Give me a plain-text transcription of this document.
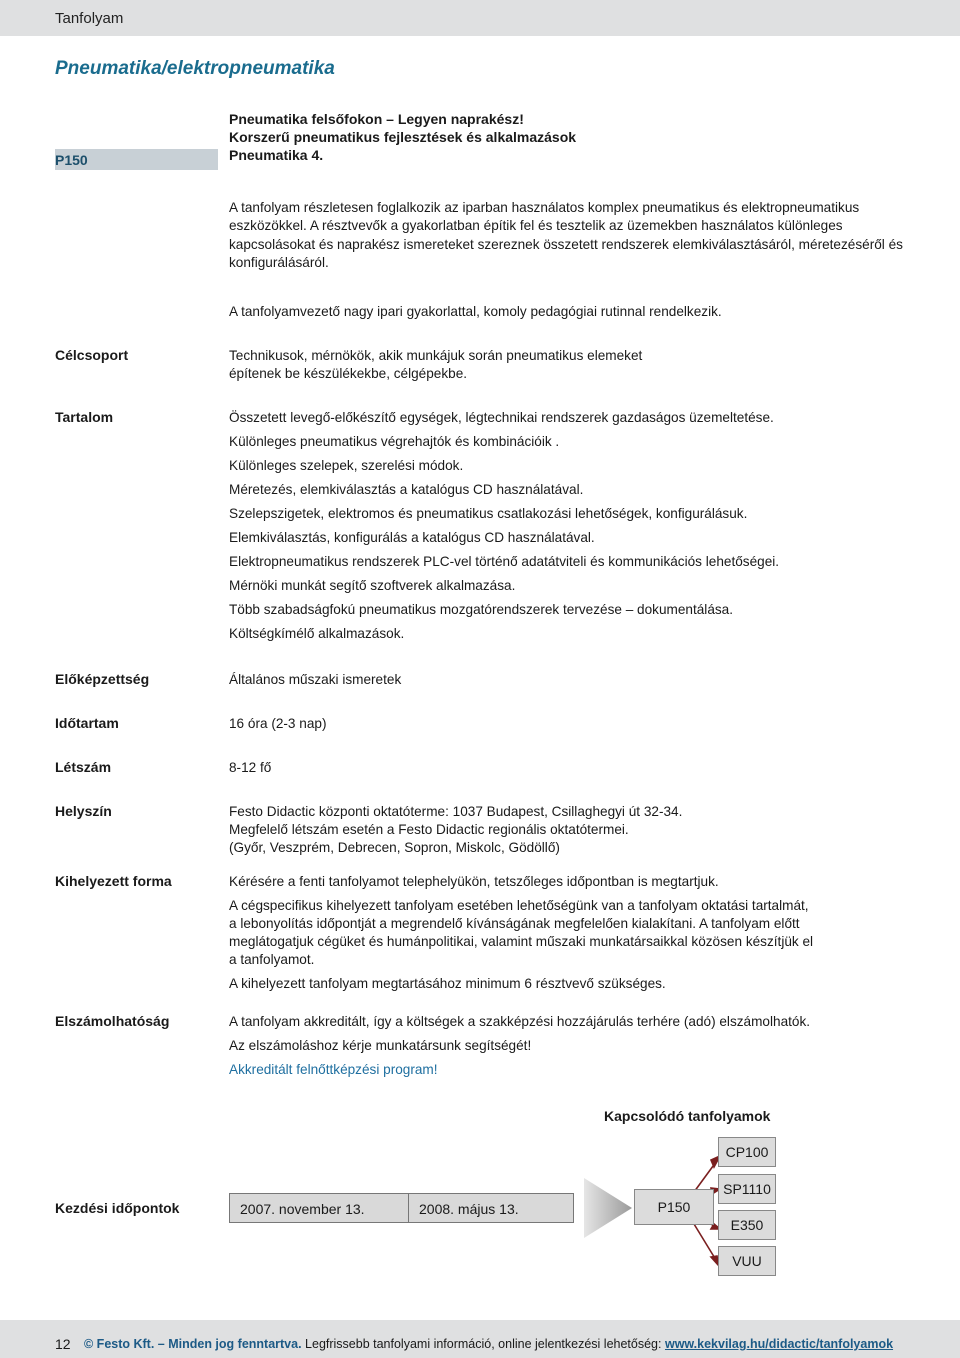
Tanfolyam
Pneumatika/elektropneumatika
P150
Pneumatika felsőfokon – Legyen naprakész!
Korszerű pneumatikus fejlesztések és alkalmazások
Pneumatika 4.
A tanfolyam részletesen foglalkozik az iparban használatos komplex pneumatikus és elektropneumatikus eszközökkel. A résztvevők a gyakorlatban építik fel és tesztelik az üzemekben használatos különleges kapcsolásokat és naprakész ismereteket szereznek összetett rendszerek elemkiválasztásáról, méretezéséről és konfigurálásáról.
A tanfolyamvezető nagy ipari gyakorlattal, komoly pedagógiai rutinnal rendelkezik.
Célcsoport	Technikusok, mérnökök, akik munkájuk során pneumatikus elemeket
építenek be készülékekbe, célgépekbe.
Tartalom	Összetett levegő-előkészítő egységek, légtechnikai rendszerek gazdaságos üzemeltetése.
Különleges pneumatikus végrehajtók és kombinációik .
Különleges szelepek, szerelési módok.
Méretezés, elemkiválasztás a katalógus CD használatával.
Szelepszigetek, elektromos és pneumatikus csatlakozási lehetőségek, konfigurálásuk.
Elemkiválasztás, konfigurálás a katalógus CD használatával.
Elektropneumatikus rendszerek PLC-vel történő adatátviteli és kommunikációs lehetőségei.
Mérnöki munkát segítő szoftverek alkalmazása.
Több szabadságfokú pneumatikus mozgatórendszerek tervezése – dokumentálása.
Költségkímélő alkalmazások.
Előképzettség	Általános műszaki ismeretek
Időtartam	16 óra (2-3 nap)
Létszám	8-12 fő
Helyszín	Festo Didactic központi oktatóterme: 1037 Budapest, Csillaghegyi út 32-34.
Megfelelő létszám esetén a Festo Didactic regionális oktatótermei.
(Győr, Veszprém, Debrecen, Sopron, Miskolc, Gödöllő)
Kihelyezett forma	Kérésére a fenti tanfolyamot telephelyükön, tetszőleges időpontban is megtartjuk.
A cégspecifikus kihelyezett tanfolyam esetében lehetőségünk van a tanfolyam oktatási tartalmát,
a lebonyolítás időpontját a megrendelő kívánságának megfelelően kialakítani. A tanfolyam előtt
meglátogatjuk cégüket és humánpolitikai, valamint műszaki munkatársaikkal közösen készítjük el
a tanfolyamot.
A kihelyezett tanfolyam megtartásához minimum 6 résztvevő szükséges.
Elszámolhatóság	A tanfolyam akkreditált, így a költségek a szakképzési hozzájárulás terhére (adó) elszámolhatók.
Az elszámoláshoz kérje munkatársunk segítségét!
Akkreditált felnőttképzési program!
Kapcsolódó tanfolyamok
Kezdési időpontok	2007. november 13.	2008. május 13.	P150
CP100
SP1110
E350
VUU
12 © Festo Kft. – Minden jog fenntartva. Legfrissebb tanfolyami információ, online jelentkezési lehetőség: www.kekvilag.hu/didactic/tanfolyamok
